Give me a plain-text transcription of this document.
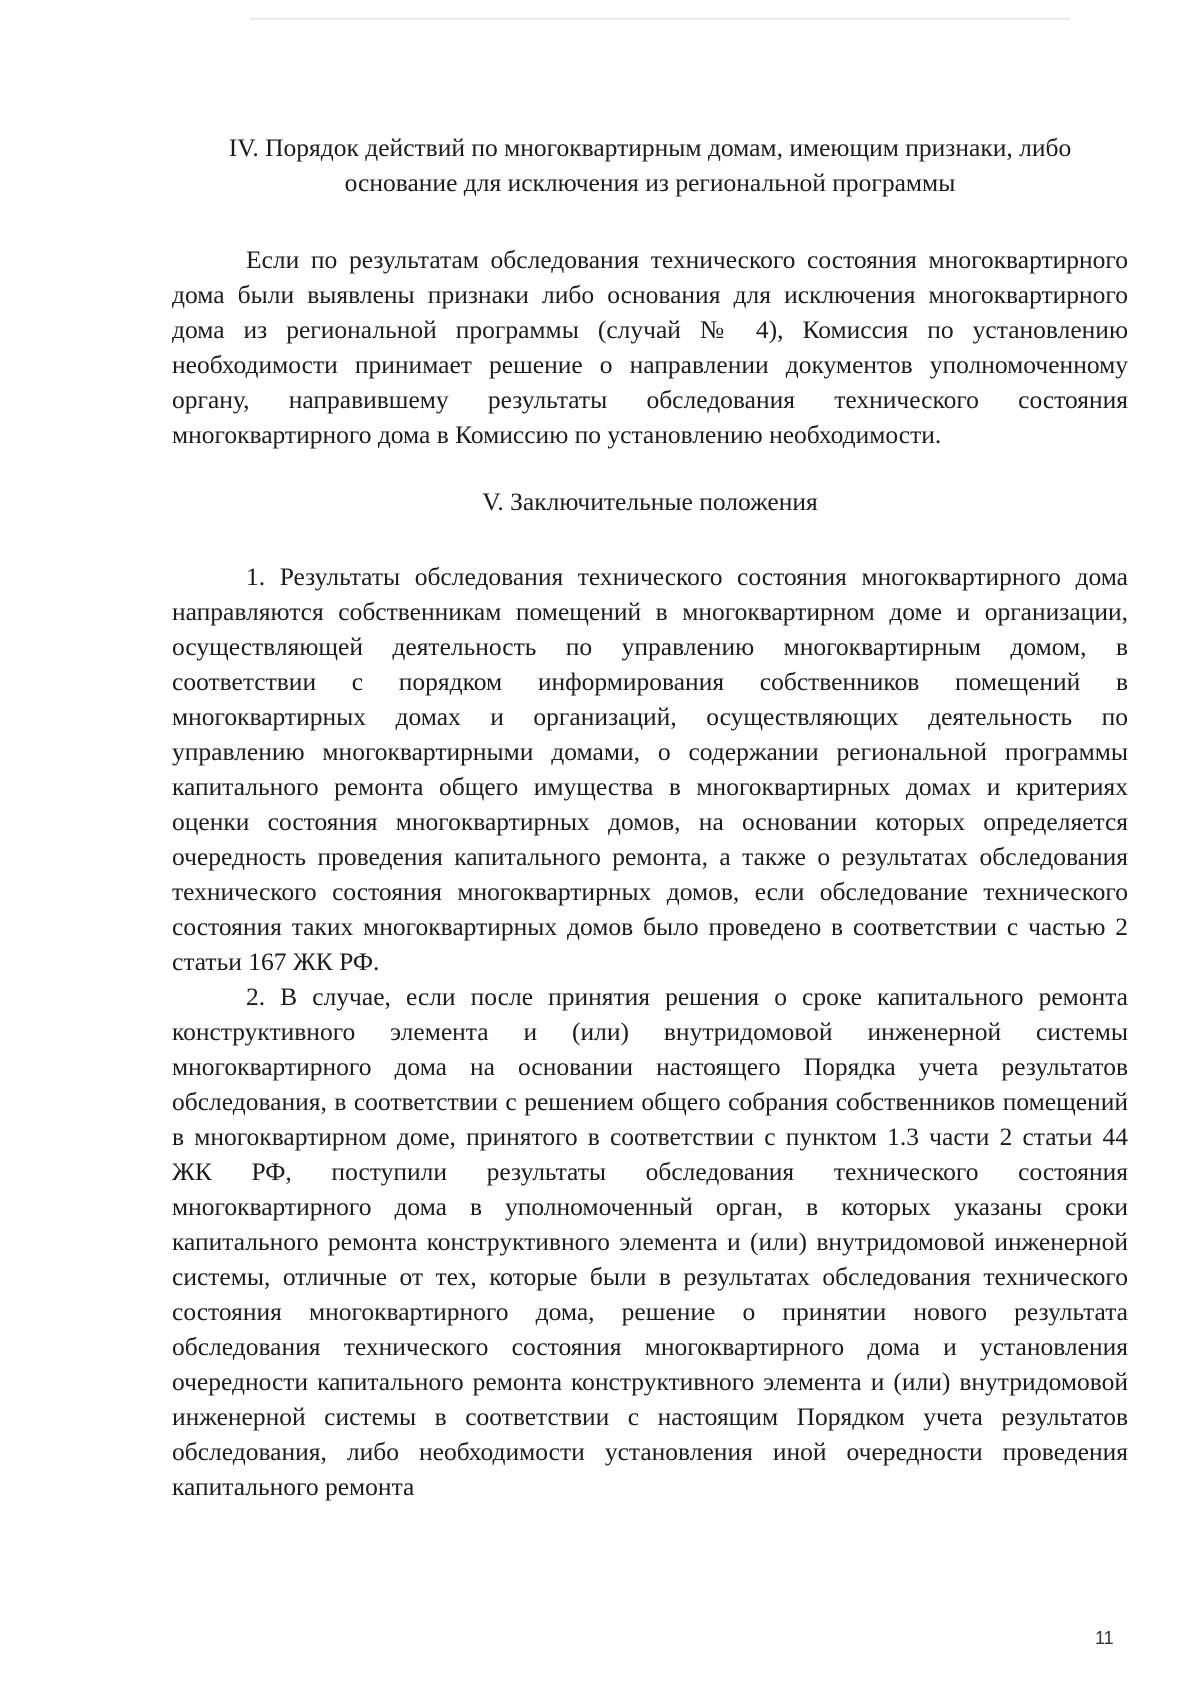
IV. Порядок действий по многоквартирным домам, имеющим признаки, либо основание для исключения из региональной программы

Если по результатам обследования технического состояния многоквартирного дома были выявлены признаки либо основания для исключения многоквартирного дома из региональной программы (случай № 4), Комиссия по установлению необходимости принимает решение о направлении документов уполномоченному органу, направившему результаты обследования технического состояния многоквартирного дома в Комиссию по установлению необходимости.

V. Заключительные положения

1. Результаты обследования технического состояния многоквартирного дома направляются собственникам помещений в многоквартирном доме и организации, осуществляющей деятельность по управлению многоквартирным домом, в соответствии с порядком информирования собственников помещений в многоквартирных домах и организаций, осуществляющих деятельность по управлению многоквартирными домами, о содержании региональной программы капитального ремонта общего имущества в многоквартирных домах и критериях оценки состояния многоквартирных домов, на основании которых определяется очередность проведения капитального ремонта, а также о результатах обследования технического состояния многоквартирных домов, если обследование технического состояния таких многоквартирных домов было проведено в соответствии с частью 2 статьи 167 ЖК РФ.

2. В случае, если после принятия решения о сроке капитального ремонта конструктивного элемента и (или) внутридомовой инженерной системы многоквартирного дома на основании настоящего Порядка учета результатов обследования, в соответствии с решением общего собрания собственников помещений в многоквартирном доме, принятого в соответствии с пунктом 1.3 части 2 статьи 44 ЖК РФ, поступили результаты обследования технического состояния многоквартирного дома в уполномоченный орган, в которых указаны сроки капитального ремонта конструктивного элемента и (или) внутридомовой инженерной системы, отличные от тех, которые были в результатах обследования технического состояния многоквартирного дома, решение о принятии нового результата обследования технического состояния многоквартирного дома и установления очередности капитального ремонта конструктивного элемента и (или) внутридомовой инженерной системы в соответствии с настоящим Порядком учета результатов обследования, либо необходимости установления иной очередности проведения капитального ремонта

11
